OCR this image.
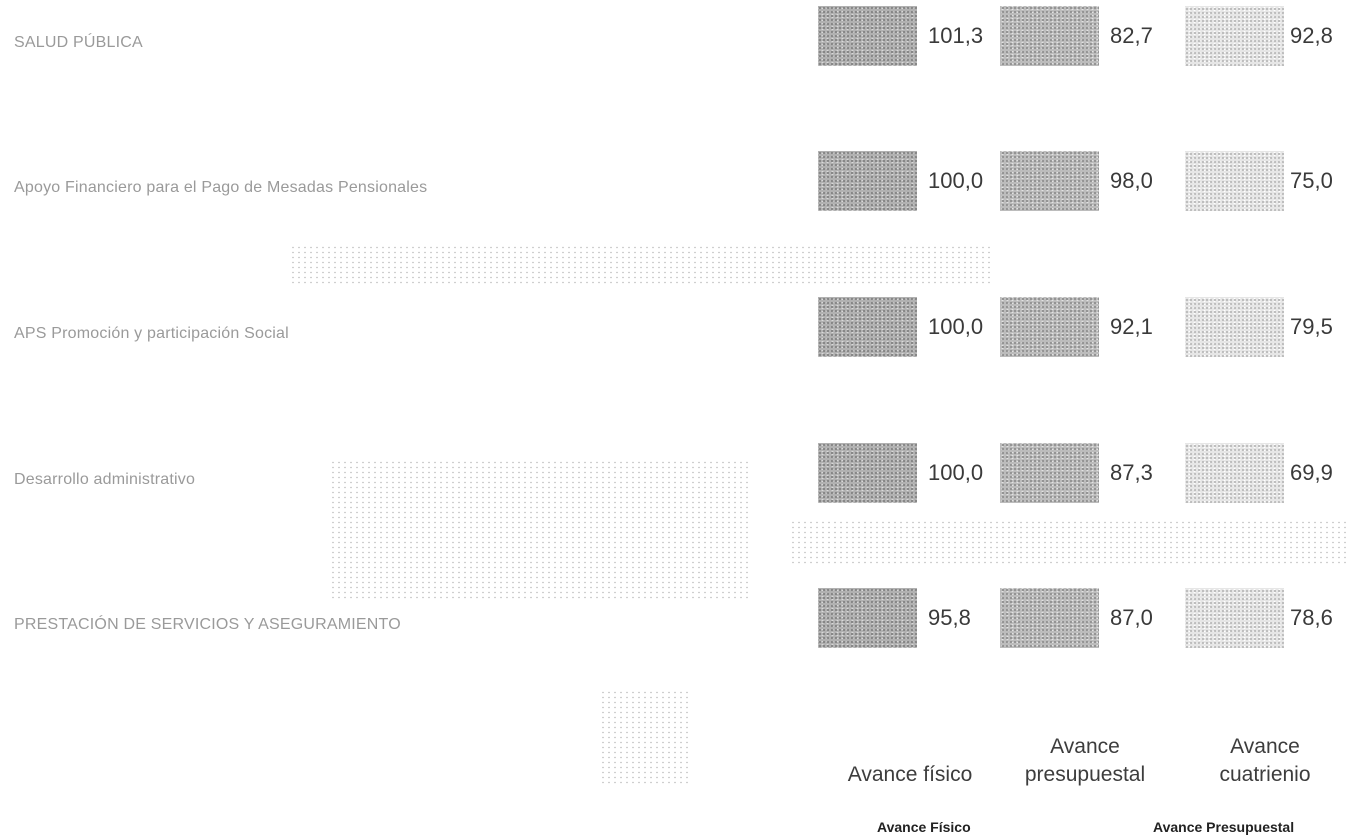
SALUD PÚBLICA	101,3	82,7	92,8
Apoyo Financiero para el Pago de Mesadas Pensionales	100,0	98,0	75,0
APS Promoción y participación Social	100,0	92,1	79,5
Desarrollo administrativo	100,0	87,3	69,9
PRESTACIÓN DE SERVICIOS Y ASEGURAMIENTO	95,8	87,0	78,6
Avance físico
Avance
presupuestal
Avance
cuatrienio
Avance Físico	Avance Presupuestal
